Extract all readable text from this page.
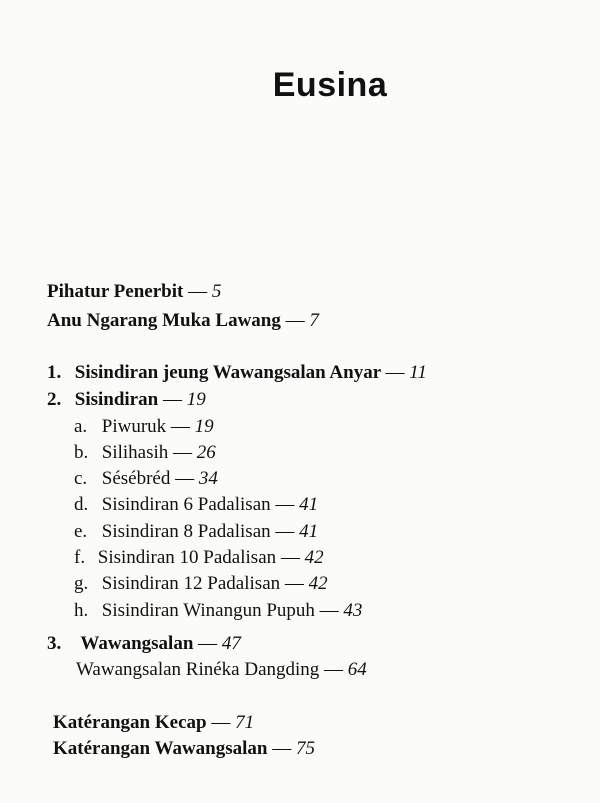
Eusina
Pihatur Penerbit — 5
Anu Ngarang Muka Lawang — 7
1. Sisindiran jeung Wawangsalan Anyar — 11
2. Sisindiran — 19
a. Piwuruk — 19
b. Silihasih — 26
c. Sésébréd — 34
d. Sisindiran 6 Padalisan — 41
e. Sisindiran 8 Padalisan — 41
f. Sisindiran 10 Padalisan — 42
g. Sisindiran 12 Padalisan — 42
h. Sisindiran Winangun Pupuh — 43
3. Wawangsalan — 47
Wawangsalan Rinéka Dangding — 64
Katérangan Kecap — 71
Katérangan Wawangsalan — 75
